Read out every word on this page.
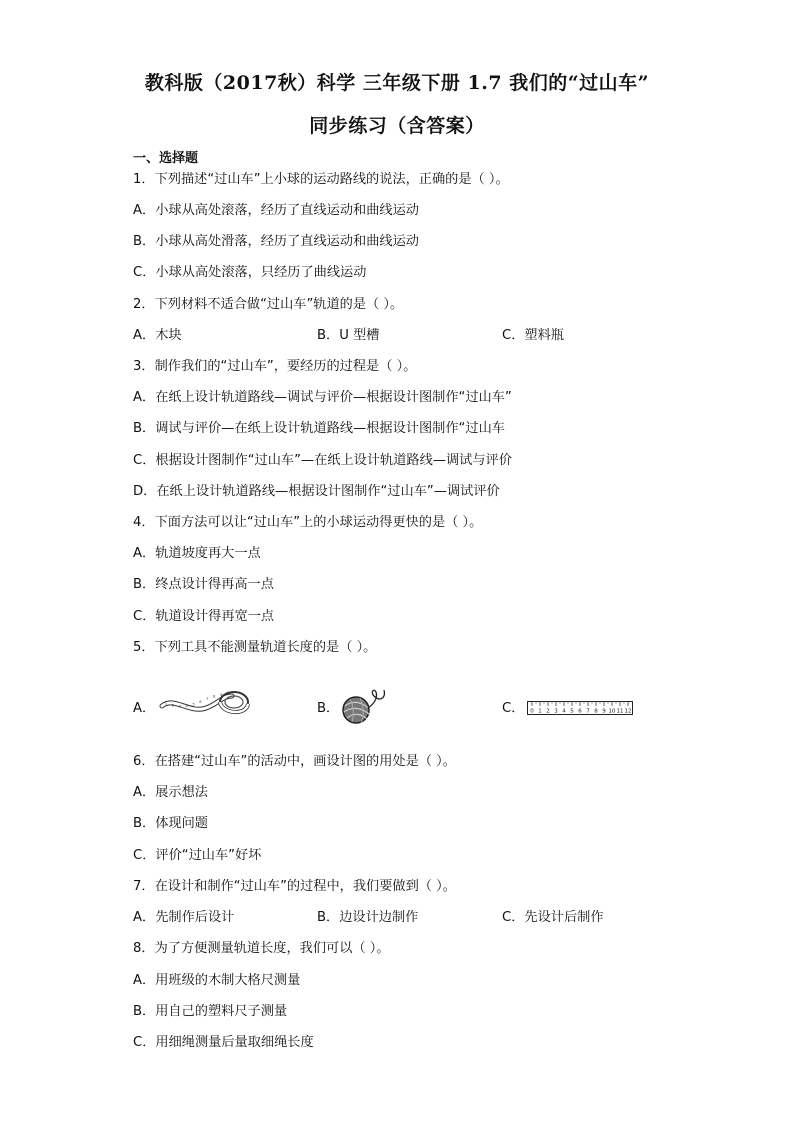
教科版（2017秋）科学 三年级下册 1.7 我们的“过山车”
同步练习（含答案）
一、选择题
1．下列描述“过山车”上小球的运动路线的说法，正确的是（ ）。
A．小球从高处滚落，经历了直线运动和曲线运动
B．小球从高处滑落，经历了直线运动和曲线运动
C．小球从高处滚落，只经历了曲线运动
2．下列材料不适合做“过山车”轨道的是（ ）。
A．木块	B．U 型槽	C．塑料瓶
3．制作我们的“过山车”，要经历的过程是（ ）。
A．在纸上设计轨道路线—调试与评价—根据设计图制作“过山车”
B．调试与评价—在纸上设计轨道路线—根据设计图制作“过山车
C．根据设计图制作“过山车”—在纸上设计轨道路线—调试与评价
D．在纸上设计轨道路线—根据设计图制作“过山车”—调试评价
4．下面方法可以让“过山车”上的小球运动得更快的是（ ）。
A．轨道坡度再大一点
B．终点设计得再高一点
C．轨道设计得再宽一点
5．下列工具不能测量轨道长度的是（ ）。
A．	1 2 3 4 5
6
7
8 9 10
B．	C． 0 1 2 3 4 5 6 7 8 9 10 11 12
6．在搭建“过山车”的活动中，画设计图的用处是（ ）。
A．展示想法
B．体现问题
C．评价“过山车”好坏
7．在设计和制作“过山车”的过程中，我们要做到（ ）。
A．先制作后设计	B．边设计边制作	C．先设计后制作
8．为了方便测量轨道长度，我们可以（ ）。
A．用班级的木制大格尺测量
B．用自己的塑料尺子测量
C．用细绳测量后量取细绳长度
